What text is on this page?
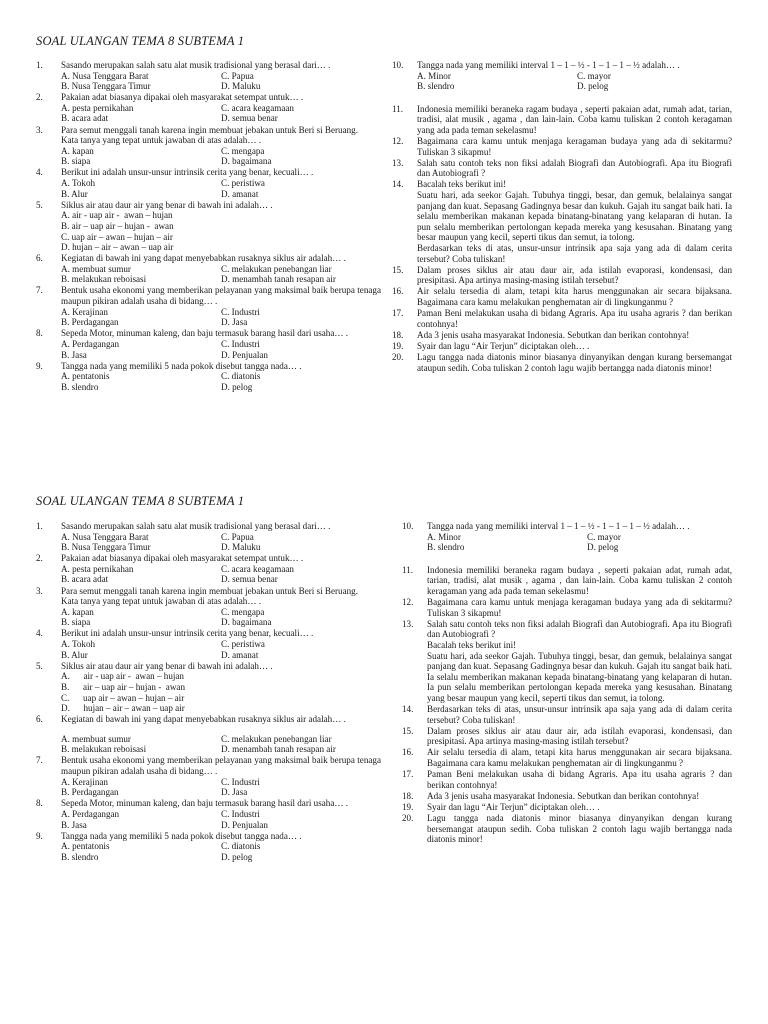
SOAL ULANGAN TEMA 8 SUBTEMA 1
1.	Sasando merupakan salah satu alat musik tradisional yang berasal dari… .
A. Nusa Tenggara Barat	C. Papua
B. Nusa Tenggara Timur	D. Maluku
2.	Pakaian adat biasanya dipakai oleh masyarakat setempat untuk… .
A. pesta pernikahan	C. acara keagamaan
B. acara adat	D. semua benar
3.	Para semut menggali tanah karena ingin membuat jebakan untuk Beri si Beruang.
Kata tanya yang tepat untuk jawaban di atas adalah… .
A. kapan	C. mengapa
B. siapa	D. bagaimana
4.	Berikut ini adalah unsur-unsur intrinsik cerita yang benar, kecuali… .
A. Tokoh	C. peristiwa
B. Alur	D. amanat
5.	Siklus air atau daur air yang benar di bawah ini adalah… .
A. air - uap air -  awan – hujan
B. air – uap air – hujan -  awan
C. uap air – awan – hujan – air
D. hujan – air – awan – uap air
6.	Kegiatan di bawah ini yang dapat menyebabkan rusaknya siklus air adalah… .
A. membuat sumur	C. melakukan penebangan liar
B. melakukan reboisasi	D. menambah tanah resapan air
7.	Bentuk usaha ekonomi yang memberikan pelayanan yang maksimal baik berupa tenaga maupun pikiran adalah usaha di bidang… .
A. Kerajinan	C. Industri
B. Perdagangan	D. Jasa
8.	Sepeda Motor, minuman kaleng, dan baju termasuk barang hasil dari usaha… .
A. Perdagangan	C. Industri
B. Jasa	D. Penjualan
9.	Tangga nada yang memiliki 5 nada pokok disebut tangga nada… .
A. pentatonis	C. diatonis
B. slendro	D. pelog
10.	Tangga nada yang memiliki interval 1 – 1 – ½ - 1 – 1 – 1 – ½ adalah… .
A. Minor	C. mayor
B. slendro	D. pelog
11.	Indonesia memiliki beraneka ragam budaya , seperti pakaian adat, rumah adat, tarian, tradisi, alat musik , agama , dan lain-lain. Coba kamu tuliskan 2 contoh keragaman yang ada pada teman sekelasmu!
12.	Bagaimana cara kamu untuk menjaga keragaman budaya yang ada di sekitarmu? Tuliskan 3 sikapmu!
13.	Salah satu contoh teks non fiksi adalah Biografi dan Autobiografi. Apa itu Biografi dan Autobiografi ?
14.	Bacalah teks berikut ini!
Suatu hari, ada seekor Gajah. Tubuhya tinggi, besar, dan gemuk, belalainya sangat panjang dan kuat. Sepasang Gadingnya besar dan kukuh. Gajah itu sangat baik hati. Ia selalu memberikan makanan kepada binatang-binatang yang kelaparan di hutan. Ia pun selalu memberikan pertolongan kepada mereka yang kesusahan. Binatang yang besar maupun yang kecil, seperti tikus dan semut, ia tolong.
Berdasarkan teks di atas, unsur-unsur intrinsik apa saja yang ada di dalam cerita tersebut? Coba tuliskan!
15.	Dalam proses siklus air atau daur air, ada istilah evaporasi, kondensasi, dan presipitasi. Apa artinya masing-masing istilah tersebut?
16.	Air selalu tersedia di alam, tetapi kita harus menggunakan air secara bijaksana. Bagaimana cara kamu melakukan penghematan air di lingkunganmu ?
17.	Paman Beni melakukan usaha di bidang Agraris. Apa itu usaha agraris ? dan berikan contohnya!
18.	Ada 3 jenis usaha masyarakat Indonesia. Sebutkan dan berikan contohnya!
19.	Syair dan lagu “Air Terjun” diciptakan oleh… .
20.	Lagu tangga nada diatonis minor biasanya dinyanyikan dengan kurang bersemangat ataupun sedih. Coba tuliskan 2 contoh lagu wajib bertangga nada diatonis minor!
SOAL ULANGAN TEMA 8 SUBTEMA 1
1.	Sasando merupakan salah satu alat musik tradisional yang berasal dari… .
A. Nusa Tenggara Barat	C. Papua
B. Nusa Tenggara Timur	D. Maluku
2.	Pakaian adat biasanya dipakai oleh masyarakat setempat untuk… .
A. pesta pernikahan	C. acara keagamaan
B. acara adat	D. semua benar
3.	Para semut menggali tanah karena ingin membuat jebakan untuk Beri si Beruang.
Kata tanya yang tepat untuk jawaban di atas adalah… .
A. kapan	C. mengapa
B. siapa	D. bagaimana
4.	Berikut ini adalah unsur-unsur intrinsik cerita yang benar, kecuali… .
A. Tokoh	C. peristiwa
B. Alur	D. amanat
5.	Siklus air atau daur air yang benar di bawah ini adalah… .
A.      air - uap air -  awan – hujan
B.      air – uap air – hujan -  awan
C.      uap air – awan – hujan – air
D.      hujan – air – awan – uap air
6.	Kegiatan di bawah ini yang dapat menyebabkan rusaknya siklus air adalah… .
A. membuat sumur	C. melakukan penebangan liar
B. melakukan reboisasi	D. menambah tanah resapan air
7.	Bentuk usaha ekonomi yang memberikan pelayanan yang maksimal baik berupa tenaga maupun pikiran adalah usaha di bidang… .
A. Kerajinan	C. Industri
B. Perdagangan	D. Jasa
8.	Sepeda Motor, minuman kaleng, dan baju termasuk barang hasil dari usaha… .
A. Perdagangan	C. Industri
B. Jasa	D. Penjualan
9.	Tangga nada yang memiliki 5 nada pokok disebut tangga nada… .
A. pentatonis	C. diatonis
B. slendro	D. pelog
10.	Tangga nada yang memiliki interval 1 – 1 – ½ - 1 – 1 – 1 – ½ adalah… .
A. Minor	C. mayor
B. slendro	D. pelog
11.	Indonesia memiliki beraneka ragam budaya , seperti pakaian adat, rumah adat, tarian, tradisi, alat musik , agama , dan lain-lain. Coba kamu tuliskan 2 contoh keragaman yang ada pada teman sekelasmu!
12.	Bagaimana cara kamu untuk menjaga keragaman budaya yang ada di sekitarmu? Tuliskan 3 sikapmu!
13.	Salah satu contoh teks non fiksi adalah Biografi dan Autobiografi. Apa itu Biografi dan Autobiografi ?
Bacalah teks berikut ini!
Suatu hari, ada seekor Gajah. Tubuhya tinggi, besar, dan gemuk, belalainya sangat panjang dan kuat. Sepasang Gadingnya besar dan kukuh. Gajah itu sangat baik hati. Ia selalu memberikan makanan kepada binatang-binatang yang kelaparan di hutan. Ia pun selalu memberikan pertolongan kepada mereka yang kesusahan. Binatang yang besar maupun yang kecil, seperti tikus dan semut, ia tolong.
14.	Berdasarkan teks di atas, unsur-unsur intrinsik apa saja yang ada di dalam cerita tersebut? Coba tuliskan!
15.	Dalam proses siklus air atau daur air, ada istilah evaporasi, kondensasi, dan presipitasi. Apa artinya masing-masing istilah tersebut?
16.	Air selalu tersedia di alam, tetapi kita harus menggunakan air secara bijaksana. Bagaimana cara kamu melakukan penghematan air di lingkunganmu ?
17.	Paman Beni melakukan usaha di bidang Agraris. Apa itu usaha agraris ? dan berikan contohnya!
18.	Ada 3 jenis usaha masyarakat Indonesia. Sebutkan dan berikan contohnya!
19.	Syair dan lagu “Air Terjun” diciptakan oleh… .
20.	Lagu tangga nada diatonis minor biasanya dinyanyikan dengan kurang bersemangat ataupun sedih. Coba tuliskan 2 contoh lagu wajib bertangga nada diatonis minor!
